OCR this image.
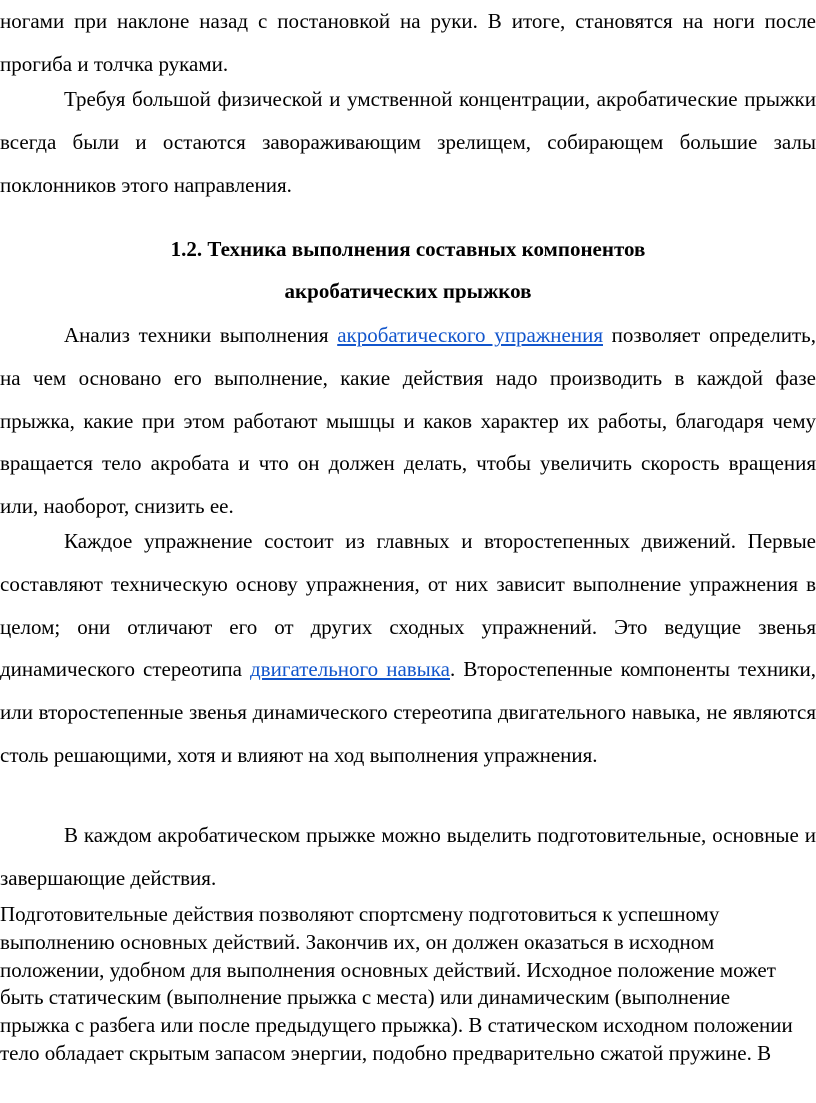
ногами при наклоне назад с постановкой на руки. В итоге, становятся на ноги после прогиба и толчка руками.

Требуя большой физической и умственной концентрации, акробатические прыжки всегда были и остаются завораживающим зрелищем, собирающем большие залы поклонников этого направления.

1.2. Техника выполнения составных компонентов

акробатических прыжков

Анализ техники выполнения акробатического упражнения позволяет определить, на чем основано его выполнение, какие действия надо производить в каждой фазе прыжка, какие при этом работают мышцы и каков характер их работы, благодаря чему вращается тело акробата и что он должен делать, чтобы увеличить скорость вращения или, наоборот, снизить ее.

Каждое упражнение состоит из главных и второстепенных движений. Первые составляют техническую основу упражнения, от них зависит выполнение упражнения в целом; они отличают его от других сходных упражнений. Это ведущие звенья динамического стереотипа двигательного навыка. Второстепенные компоненты техники, или второстепенные звенья динамического стереотипа двигательного навыка, не являются столь решающими, хотя и влияют на ход выполнения упражнения.

В каждом акробатическом прыжке можно выделить подготовительные, основные и завершающие действия.

Подготовительные действия позволяют спортсмену подготовиться к успешному выполнению основных действий. Закончив их, он должен оказаться в исходном положении, удобном для выполнения основных действий. Исходное положение может быть статическим (выполнение прыжка с места) или динамическим (выполнение прыжка с разбега или после предыдущего прыжка). В статическом исходном положении тело обладает скрытым запасом энергии, подобно предварительно сжатой пружине. В
